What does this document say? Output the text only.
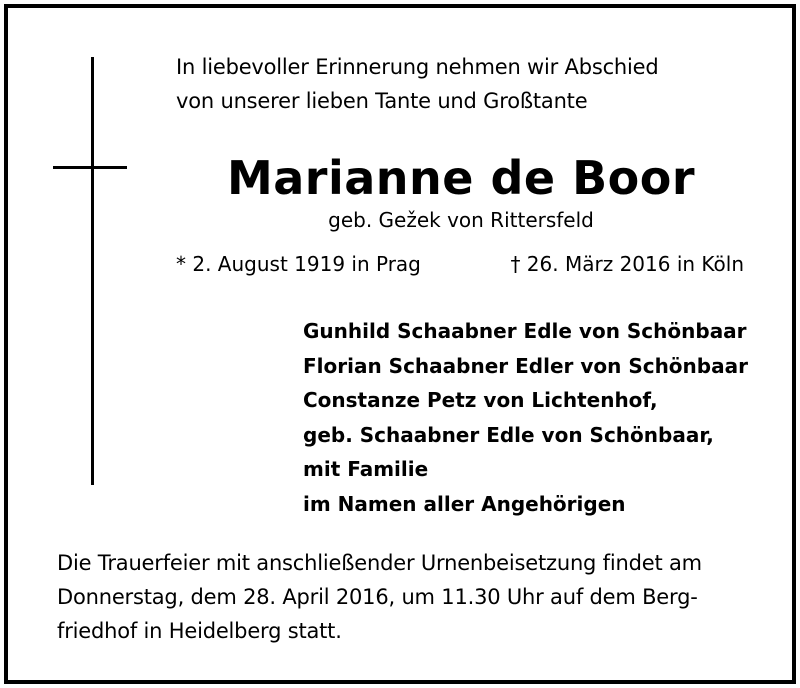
In liebevoller Erinnerung nehmen wir Abschied
von unserer lieben Tante und Großtante
Marianne de Boor
geb. Gežek von Rittersfeld
* 2. August 1919 in Prag	† 26. März 2016 in Köln
Gunhild Schaabner Edle von Schönbaar
Florian Schaabner Edler von Schönbaar
Constanze Petz von Lichtenhof,
geb. Schaabner Edle von Schönbaar,
mit Familie
im Namen aller Angehörigen
Die Trauerfeier mit anschließender Urnenbeisetzung findet am
Donnerstag, dem 28. April 2016, um 11.30 Uhr auf dem Berg-
friedhof in Heidelberg statt.
